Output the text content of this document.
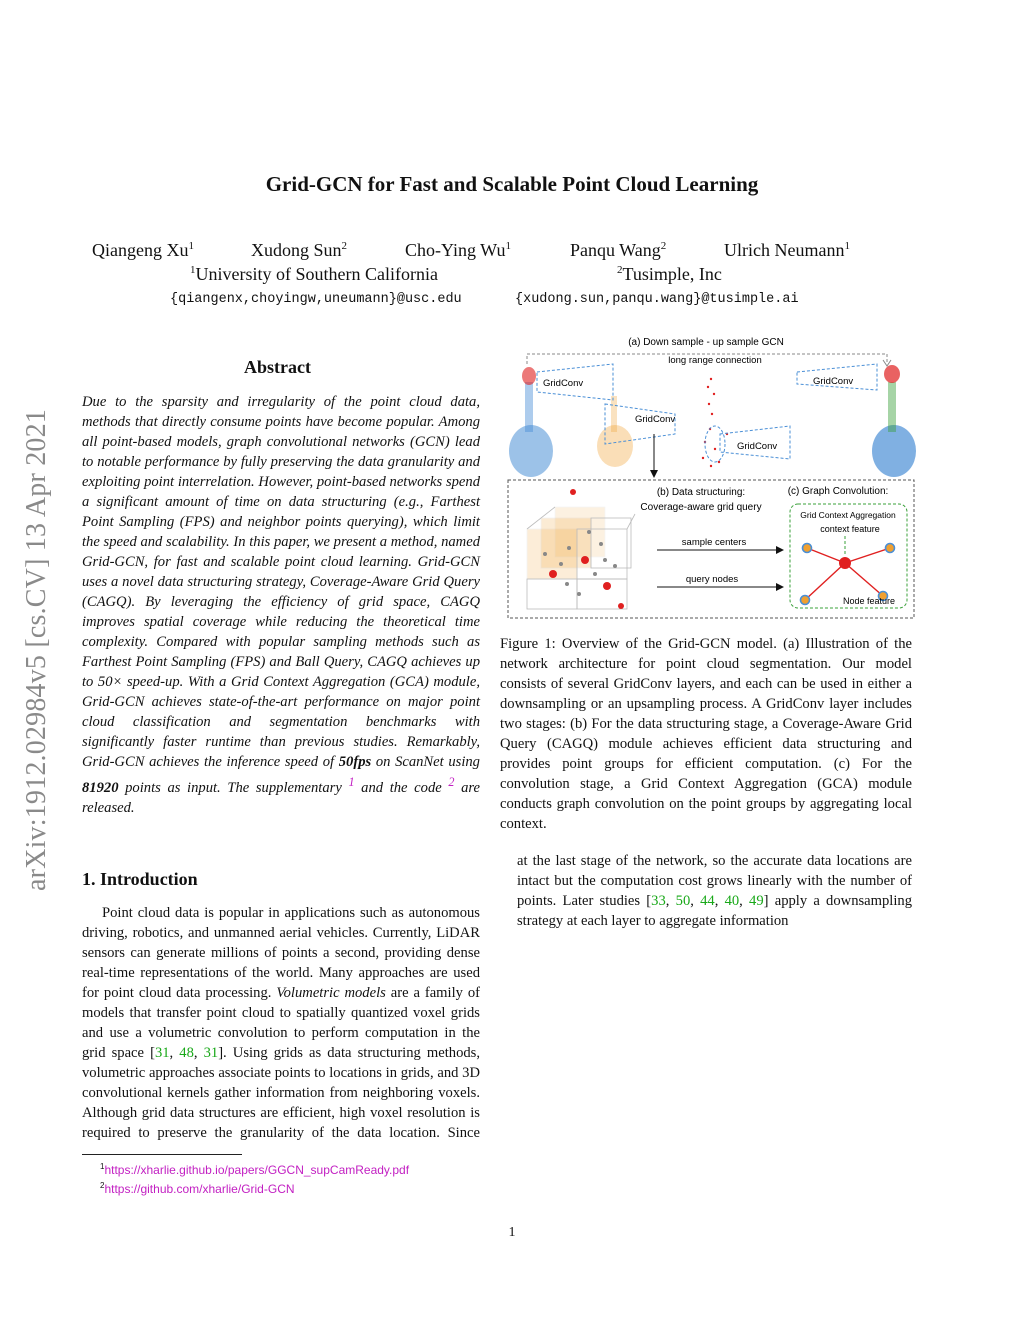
Grid-GCN for Fast and Scalable Point Cloud Learning
Qiangeng Xu$^1$	Xudong Sun$^2$	Cho-Ying Wu$^1$	Panqu Wang$^2$	Ulrich Neumann$^1$
$^1$University of Southern California	$^2$Tusimple, Inc
{qiangenx,choyingw,uneumann}@usc.edu	{xudong.sun,panqu.wang}@tusimple.ai
arXiv:1912.02984v5 [cs.CV] 13 Apr 2021
Abstract
Due to the sparsity and irregularity of the point cloud data, methods that directly consume points have become popular. Among all point-based models, graph convolutional networks (GCN) lead to notable performance by fully preserving the data granularity and exploiting point interrelation. However, point-based networks spend a significant amount of time on data structuring (e.g., Farthest Point Sampling (FPS) and neighbor points querying), which limit the speed and scalability. In this paper, we present a method, named Grid-GCN, for fast and scalable point cloud learning. Grid-GCN uses a novel data structuring strategy, Coverage-Aware Grid Query (CAGQ). By leveraging the efficiency of grid space, CAGQ improves spatial coverage while reducing the theoretical time complexity. Compared with popular sampling methods such as Farthest Point Sampling (FPS) and Ball Query, CAGQ achieves up to 50× speed-up. With a Grid Context Aggregation (GCA) module, Grid-GCN achieves state-of-the-art performance on major point cloud classification and segmentation benchmarks with significantly faster runtime than previous studies. Remarkably, Grid-GCN achieves the inference speed of 50fps on ScanNet using 81920 points as input. The supplementary $^1$ and the code $^2$ are released.
1. Introduction

Point cloud data is popular in applications such as autonomous driving, robotics, and unmanned aerial vehicles. Currently, LiDAR sensors can generate millions of points a second, providing dense real-time representations of the world. Many approaches are used for point cloud data processing. Volumetric models are a family of models that transfer point cloud to spatially quantized voxel grids and use a volumetric convolution to perform computation in the grid space [31, 48, 31]. Using grids as data structuring methods, volumetric approaches associate points to locations in grids, and 3D convolutional kernels gather information from neighboring voxels. Although grid data structures are efficient, high voxel resolution is required to preserve the granularity of the data location. Since

at the last stage of the network, so the accurate data locations are intact but the computation cost grows linearly with the number of points. Later studies [33, 50, 44, 40, 49] apply a downsampling strategy at each layer to aggregate information

$^1$https://xharlie.github.io/papers/GGCN_supCamReady.pdf
$^2$https://github.com/xharlie/Grid-GCN
(a) Down sample - up sample GCN
long range connection
GridConv
GridConv
GridConv
GridConv
(b) Data structuring:
Coverage-aware grid query
sample centers
query nodes
(c) Graph Convolution:
Grid Context Aggregation
context feature
Node feature
Figure 1: Overview of the Grid-GCN model. (a) Illustration of the network architecture for point cloud segmentation. Our model consists of several GridConv layers, and each can be used in either a downsampling or an upsampling process. A GridConv layer includes two stages: (b) For the data structuring stage, a Coverage-Aware Grid Query (CAGQ) module achieves efficient data structuring and provides point groups for efficient computation. (c) For the convolution stage, a Grid Context Aggregation (GCA) module conducts graph convolution on the point groups by aggregating local context.
1
